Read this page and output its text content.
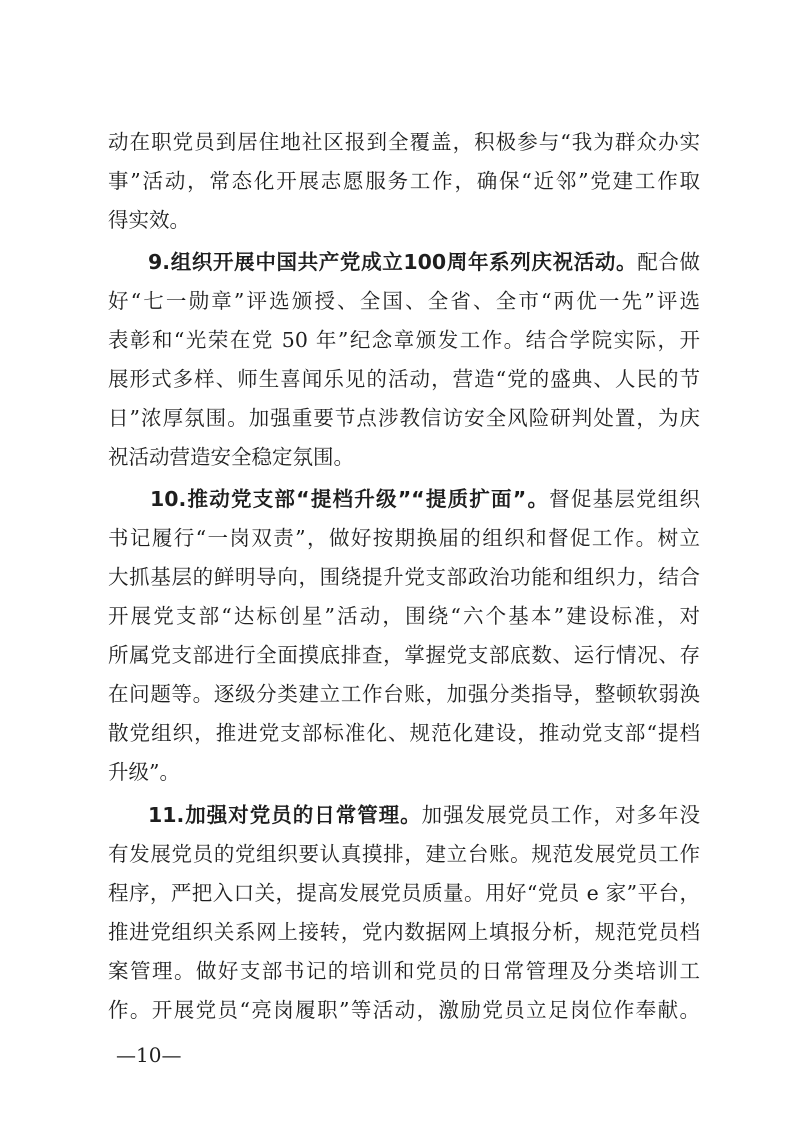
动在职党员到居住地社区报到全覆盖，积极参与“我为群众办实
事”活动，常态化开展志愿服务工作，确保“近邻”党建工作取
得实效。
9.组织开展中国共产党成立100周年系列庆祝活动。配合做
好“七一勋章”评选颁授、全国、全省、全市“两优一先”评选
表彰和“光荣在党 50 年”纪念章颁发工作。结合学院实际，开
展形式多样、师生喜闻乐见的活动，营造“党的盛典、人民的节
日”浓厚氛围。加强重要节点涉教信访安全风险研判处置，为庆
祝活动营造安全稳定氛围。
10.推动党支部“提档升级”“提质扩面”。督促基层党组织
书记履行“一岗双责”，做好按期换届的组织和督促工作。树立
大抓基层的鲜明导向，围绕提升党支部政治功能和组织力，结合
开展党支部“达标创星”活动，围绕“六个基本”建设标准，对
所属党支部进行全面摸底排查，掌握党支部底数、运行情况、存
在问题等。逐级分类建立工作台账，加强分类指导，整顿软弱涣
散党组织，推进党支部标准化、规范化建设，推动党支部“提档
升级”。
11.加强对党员的日常管理。加强发展党员工作，对多年没
有发展党员的党组织要认真摸排，建立台账。规范发展党员工作
程序，严把入口关，提高发展党员质量。用好“党员 e 家”平台，
推进党组织关系网上接转，党内数据网上填报分析，规范党员档
案管理。做好支部书记的培训和党员的日常管理及分类培训工
作。开展党员“亮岗履职”等活动，激励党员立足岗位作奉献。
—10—
